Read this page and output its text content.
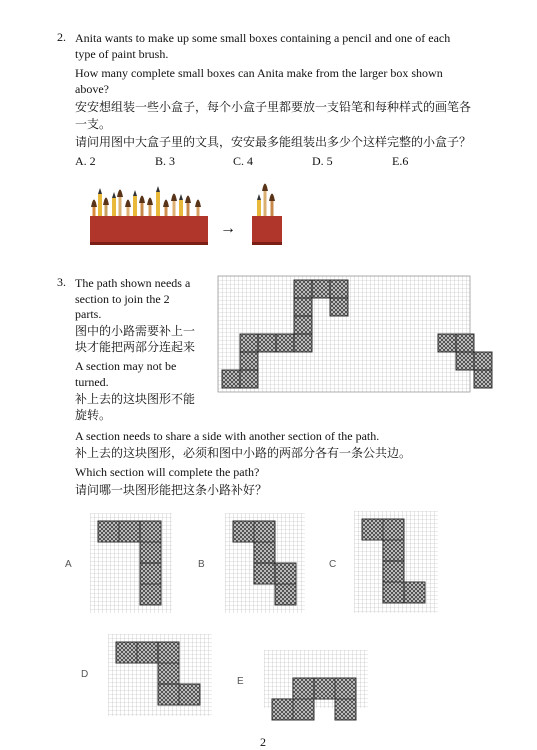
2. Anita wants to make up some small boxes containing a pencil and one of each
type of paint brush.
How many complete small boxes can Anita make from the larger box shown
above?
安安想组装一些小盒子，每个小盒子里都要放一支铅笔和每种样式的画笔各
一支。
请问用图中大盒子里的文具，安安最多能组装出多少个这样完整的小盒子？
A. 2	B. 3	C. 4	D. 5	E.6
→
3. The path shown needs a
section to join the 2
parts.
图中的小路需要补上一
块才能把两部分连起来
A section may not be
turned.
补上去的这块图形不能
旋转。
A section needs to share a side with another section of the path.
补上去的这块图形，必须和图中小路的两部分各有一条公共边。
Which section will complete the path?
请问哪一块图形能把这条小路补好？
A	B	C
D
E
2
